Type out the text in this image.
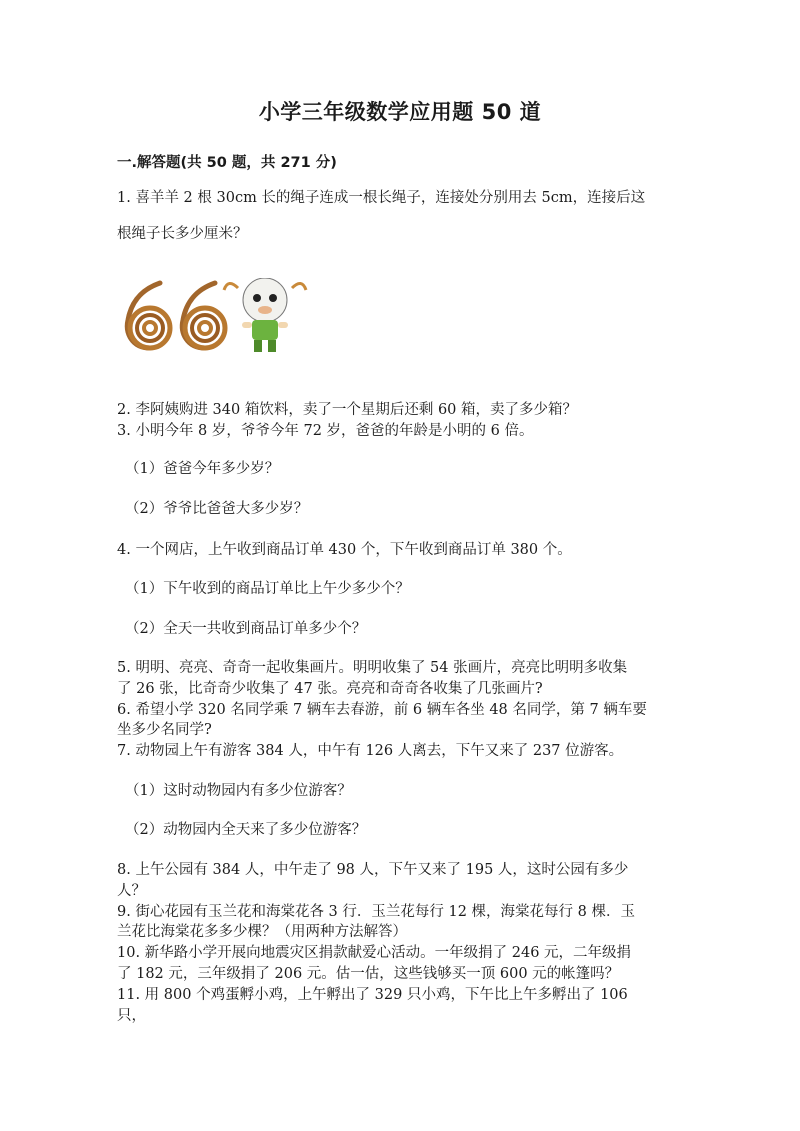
小学三年级数学应用题 50 道
一.解答题(共 50 题，共 271 分)
1. 喜羊羊 2 根 30cm 长的绳子连成一根长绳子，连接处分别用去 5cm，连接后这
根绳子长多少厘米？
2. 李阿姨购进 340 箱饮料，卖了一个星期后还剩 60 箱，卖了多少箱？
3. 小明今年 8 岁，爷爷今年 72 岁，爸爸的年龄是小明的 6 倍。
（1）爸爸今年多少岁？
（2）爷爷比爸爸大多少岁？
4. 一个网店，上午收到商品订单 430 个，下午收到商品订单 380 个。
（1）下午收到的商品订单比上午少多少个？
（2）全天一共收到商品订单多少个？
5. 明明、亮亮、奇奇一起收集画片。明明收集了 54 张画片，亮亮比明明多收集
了 26 张，比奇奇少收集了 47 张。亮亮和奇奇各收集了几张画片?
6. 希望小学 320 名同学乘 7 辆车去春游，前 6 辆车各坐 48 名同学，第 7 辆车要
坐多少名同学?
7. 动物园上午有游客 384 人，中午有 126 人离去，下午又来了 237 位游客。
（1）这时动物园内有多少位游客？
（2）动物园内全天来了多少位游客？
8. 上午公园有 384 人，中午走了 98 人，下午又来了 195 人，这时公园有多少
人？
9. 街心花园有玉兰花和海棠花各 3 行．玉兰花每行 12 棵，海棠花每行 8 棵．玉
兰花比海棠花多多少棵？（用两种方法解答）
10. 新华路小学开展向地震灾区捐款献爱心活动。一年级捐了 246 元，二年级捐
了 182 元，三年级捐了 206 元。估一估，这些钱够买一顶 600 元的帐篷吗？
11. 用 800 个鸡蛋孵小鸡，上午孵出了 329 只小鸡，下午比上午多孵出了 106
只，
